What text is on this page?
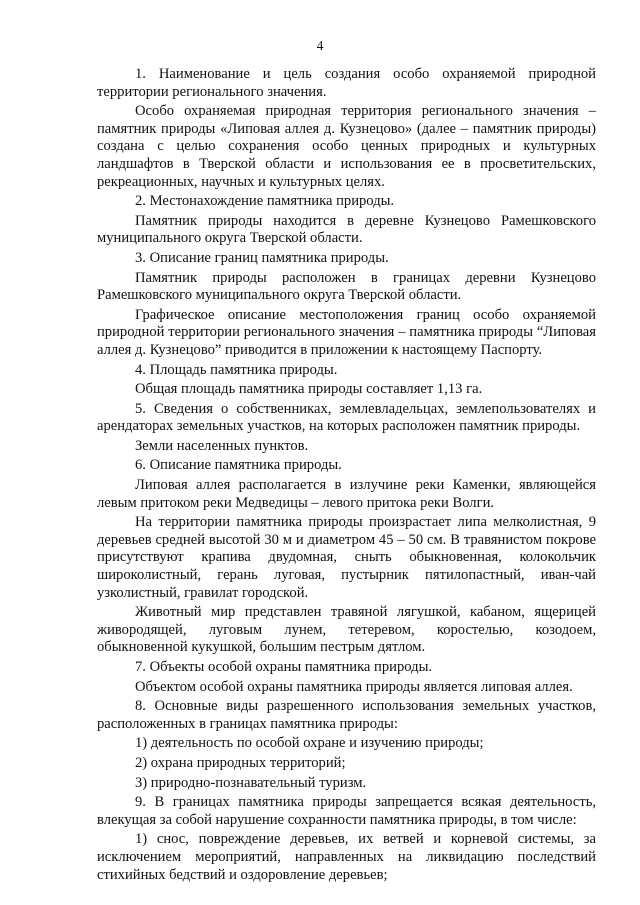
4

1. Наименование и цель создания особо охраняемой природной территории регионального значения.

Особо охраняемая природная территория регионального значения – памятник природы «Липовая аллея д. Кузнецово» (далее – памятник природы) создана с целью сохранения особо ценных природных и культурных ландшафтов в Тверской области и использования ее в просветительских, рекреационных, научных и культурных целях.

2. Местонахождение памятника природы.

Памятник природы находится в деревне Кузнецово Рамешковского муниципального округа Тверской области.

3. Описание границ памятника природы.

Памятник природы расположен в границах деревни Кузнецово Рамешковского муниципального округа Тверской области.

Графическое описание местоположения границ особо охраняемой природной территории регионального значения – памятника природы “Липовая аллея д. Кузнецово” приводится в приложении к настоящему Паспорту.

4. Площадь памятника природы.

Общая площадь памятника природы составляет 1,13 га.

5. Сведения о собственниках, землевладельцах, землепользователях и арендаторах земельных участков, на которых расположен памятник природы.

Земли населенных пунктов.

6. Описание памятника природы.

Липовая аллея располагается в излучине реки Каменки, являющейся левым притоком реки Медведицы – левого притока реки Волги.

На территории памятника природы произрастает липа мелколистная, 9 деревьев средней высотой 30 м и диаметром 45 – 50 см. В травянистом покрове присутствуют крапива двудомная, сныть обыкновенная, колокольчик широколистный, герань луговая, пустырник пятилопастный, иван-чай узколистный, гравилат городской.

Животный мир представлен травяной лягушкой, кабаном, ящерицей живородящей, луговым лунем, тетеревом, коростелью, козодоем, обыкновенной кукушкой, большим пестрым дятлом.

7. Объекты особой охраны памятника природы.

Объектом особой охраны памятника природы является липовая аллея.

8. Основные виды разрешенного использования земельных участков, расположенных в границах памятника природы:

1) деятельность по особой охране и изучению природы;

2) охрана природных территорий;

3) природно-познавательный туризм.

9. В границах памятника природы запрещается всякая деятельность, влекущая за собой нарушение сохранности памятника природы, в том числе:

1) снос, повреждение деревьев, их ветвей и корневой системы, за исключением мероприятий, направленных на ликвидацию последствий стихийных бедствий и оздоровление деревьев;
